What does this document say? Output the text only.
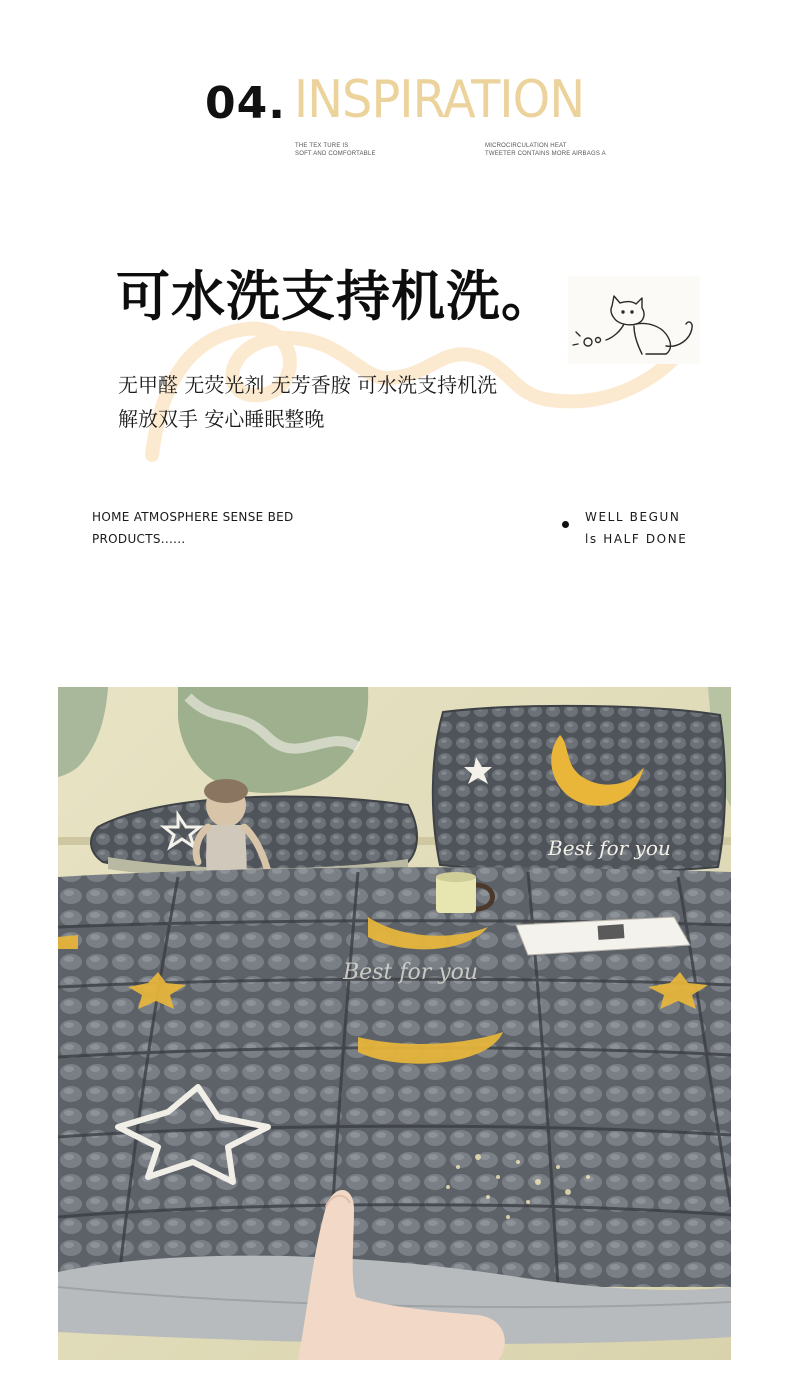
04. INSPIRATION
THE TEX TURE IS
SOFT AND COMFORTABLE
MICROCIRCULATION HEAT
TWEETER CONTAINS MORE AIRBAGS A
可水洗支持机洗。
无甲醛 无荧光剂 无芳香胺 可水洗支持机洗
解放双手 安心睡眠整晚
HOME ATMOSPHERE SENSE BED
PRODUCTS......
WELL BEGUN
ls HALF DONE
Best for you
Best for you
